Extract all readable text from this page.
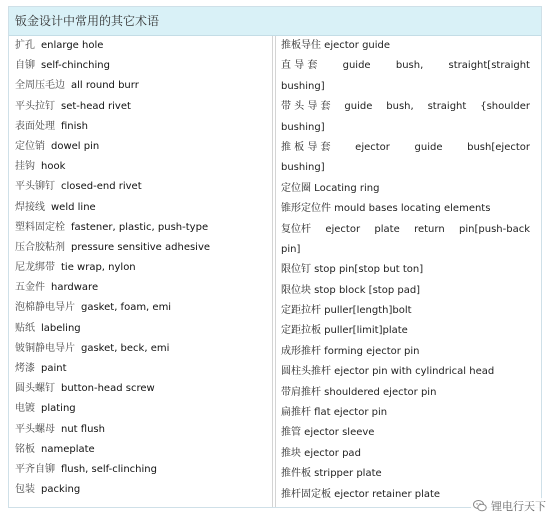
钣金设计中常用的其它术语
扩孔 enlarge hole
自铆 self-chinching
全周压毛边 all round burr
平头拉钉 set-head rivet
表面处理 finish
定位销 dowel pin
挂钩 hook
平头铆钉 closed-end rivet
焊接线 weld line
塑料固定栓 fastener, plastic, push-type
压合胶粘剂 pressure sensitive adhesive
尼龙绑带 tie wrap, nylon
五金件 hardware
泡棉静电导片 gasket, foam, emi
贴纸 labeling
铍铜静电导片 gasket, beck, emi
烤漆 paint
圆头螺钉 button-head screw
电镀 plating
平头螺母 nut flush
铭板 nameplate
平齐自铆 flush, self-clinching
包装 packing
推板导住 ejector guide
直 导 套	guide	bush,	straight[straight
bushing]
带 头 导 套 guide bush, straight {shoulder
bushing]
推 板 导 套 ejector guide bush[ejector
bushing]
定位圈 Locating ring
锥形定位件 mould bases locating elements
复位杆 ejector plate return pin[push-back
pin]
限位钉 stop pin[stop but ton]
限位块 stop block [stop pad]
定距拉杆 puller[length]bolt
定距拉板 puller[limit]plate
成形推杆 forming ejector pin
圆柱头推杆 ejector pin with cylindrical head
带肩推杆 shouldered ejector pin
扁推杆 flat ejector pin
推管 ejector sleeve
推块 ejector pad
推件板 stripper plate
推杆固定板 ejector retainer plate
锂电行天下
